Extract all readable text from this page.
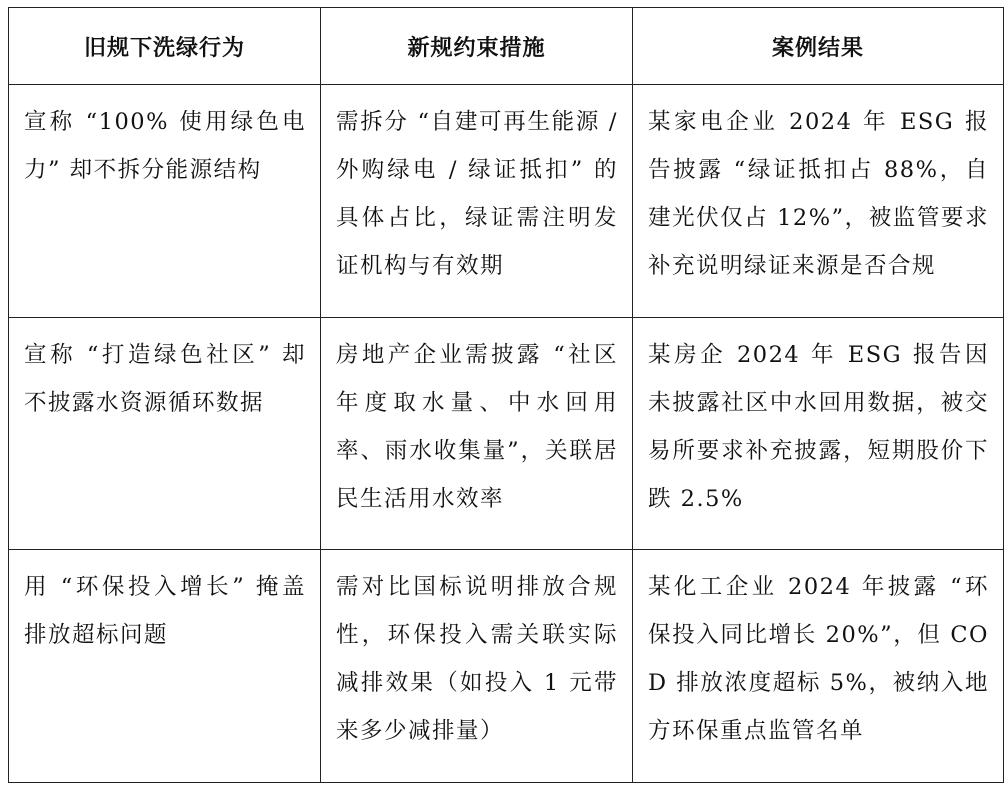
旧规下洗绿行为	新规约束措施	案例结果
宣称 “100% 使用绿色电力” 却不拆分能源结构	需拆分 “自建可再生能源 / 外购绿电 / 绿证抵扣” 的具体占比，绿证需注明发证机构与有效期	某家电企业 2024 年 ESG 报告披露 “绿证抵扣占 88%，自建光伏仅占 12%”，被监管要求补充说明绿证来源是否合规
宣称 “打造绿色社区” 却不披露水资源循环数据	房地产企业需披露 “社区年度取水量、中水回用率、雨水收集量”，关联居民生活用水效率	某房企 2024 年 ESG 报告因未披露社区中水回用数据，被交易所要求补充披露，短期股价下跌 2.5%
用 “环保投入增长” 掩盖排放超标问题	需对比国标说明排放合规性，环保投入需关联实际减排效果（如投入 1 元带来多少减排量）	某化工企业 2024 年披露 “环保投入同比增长 20%”，但 COD 排放浓度超标 5%，被纳入地方环保重点监管名单
